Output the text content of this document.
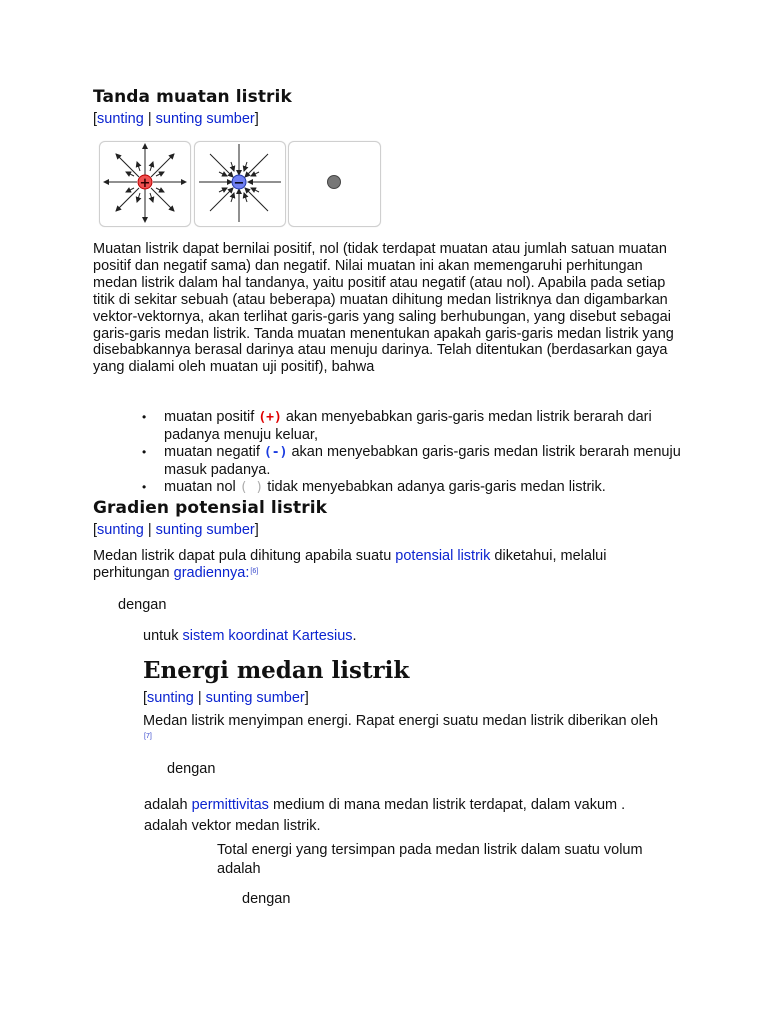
Tanda muatan listrik
[sunting | sunting sumber]
+	−

Muatan listrik dapat bernilai positif, nol (tidak terdapat muatan atau jumlah satuan muatan positif dan negatif sama) dan negatif. Nilai muatan ini akan memengaruhi perhitungan medan listrik dalam hal tandanya, yaitu positif atau negatif (atau nol). Apabila pada setiap titik di sekitar sebuah (atau beberapa) muatan dihitung medan listriknya dan digambarkan vektor-vektornya, akan terlihat garis-garis yang saling berhubungan, yang disebut sebagai garis-garis medan listrik. Tanda muatan menentukan apakah garis-garis medan listrik yang disebabkannya berasal darinya atau menuju darinya. Telah ditentukan (berdasarkan gaya yang dialami oleh muatan uji positif), bahwa

• muatan positif (+) akan menyebabkan garis-garis medan listrik berarah dari padanya menuju keluar,
• muatan negatif (-) akan menyebabkan garis-garis medan listrik berarah menuju masuk padanya.
• muatan nol ( ) tidak menyebabkan adanya garis-garis medan listrik.
Gradien potensial listrik
[sunting | sunting sumber]

Medan listrik dapat pula dihitung apabila suatu potensial listrik diketahui, melalui perhitungan gradiennya:[6]

dengan
untuk sistem koordinat Kartesius.
Energi medan listrik
[sunting | sunting sumber]

Medan listrik menyimpan energi. Rapat energi suatu medan listrik diberikan oleh [7]

dengan

adalah permittivitas medium di mana medan listrik terdapat, dalam vakum .
adalah vektor medan listrik.

Total energi yang tersimpan pada medan listrik dalam suatu volum adalah

dengan
